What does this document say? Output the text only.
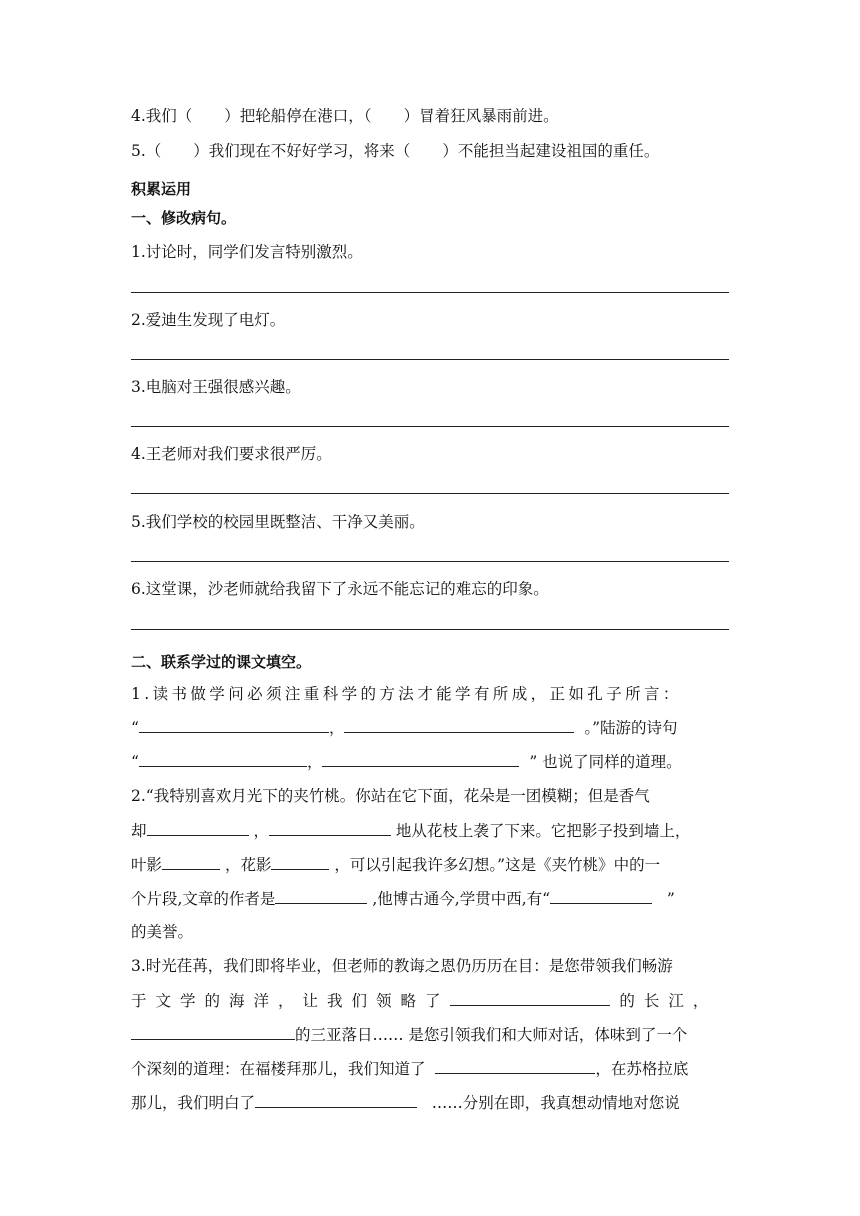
4.我们（ ）把轮船停在港口，（ ）冒着狂风暴雨前进。
5.（ ）我们现在不好好学习，将来（ ）不能担当起建设祖国的重任。
积累运用
一、修改病句。
1.讨论时，同学们发言特别激烈。
2.爱迪生发现了电灯。
3.电脑对王强很感兴趣。
4.王老师对我们要求很严厉。
5.我们学校的校园里既整洁、干净又美丽。
6.这堂课，沙老师就给我留下了永远不能忘记的难忘的印象。
二、联系学过的课文填空。
1.读书做学问必须注重科学的方法才能学有所成，正如孔子所言：
“	，	。”陆游的诗句
“	，	” 也说了同样的道理。
2.“我特别喜欢月光下的夹竹桃。你站在它下面，花朵是一团模糊；但是香气
却	，	地从花枝上袭了下来。它把影子投到墙上，
叶影	，花影	，可以引起我许多幻想。”这是《夹竹桃》中的一
个片段,文章的作者是	,他博古通今,学贯中西,有“	”
的美誉。
3.时光荏苒，我们即将毕业，但老师的教诲之恩仍历历在目：是您带领我们畅游
于文学的海洋，让我们领略了	的长江，
的三亚落日…… 是您引领我们和大师对话，体味到了一个
个深刻的道理：在福楼拜那儿，我们知道了	，在苏格拉底
那儿，我们明白了	……分别在即，我真想动情地对您说
